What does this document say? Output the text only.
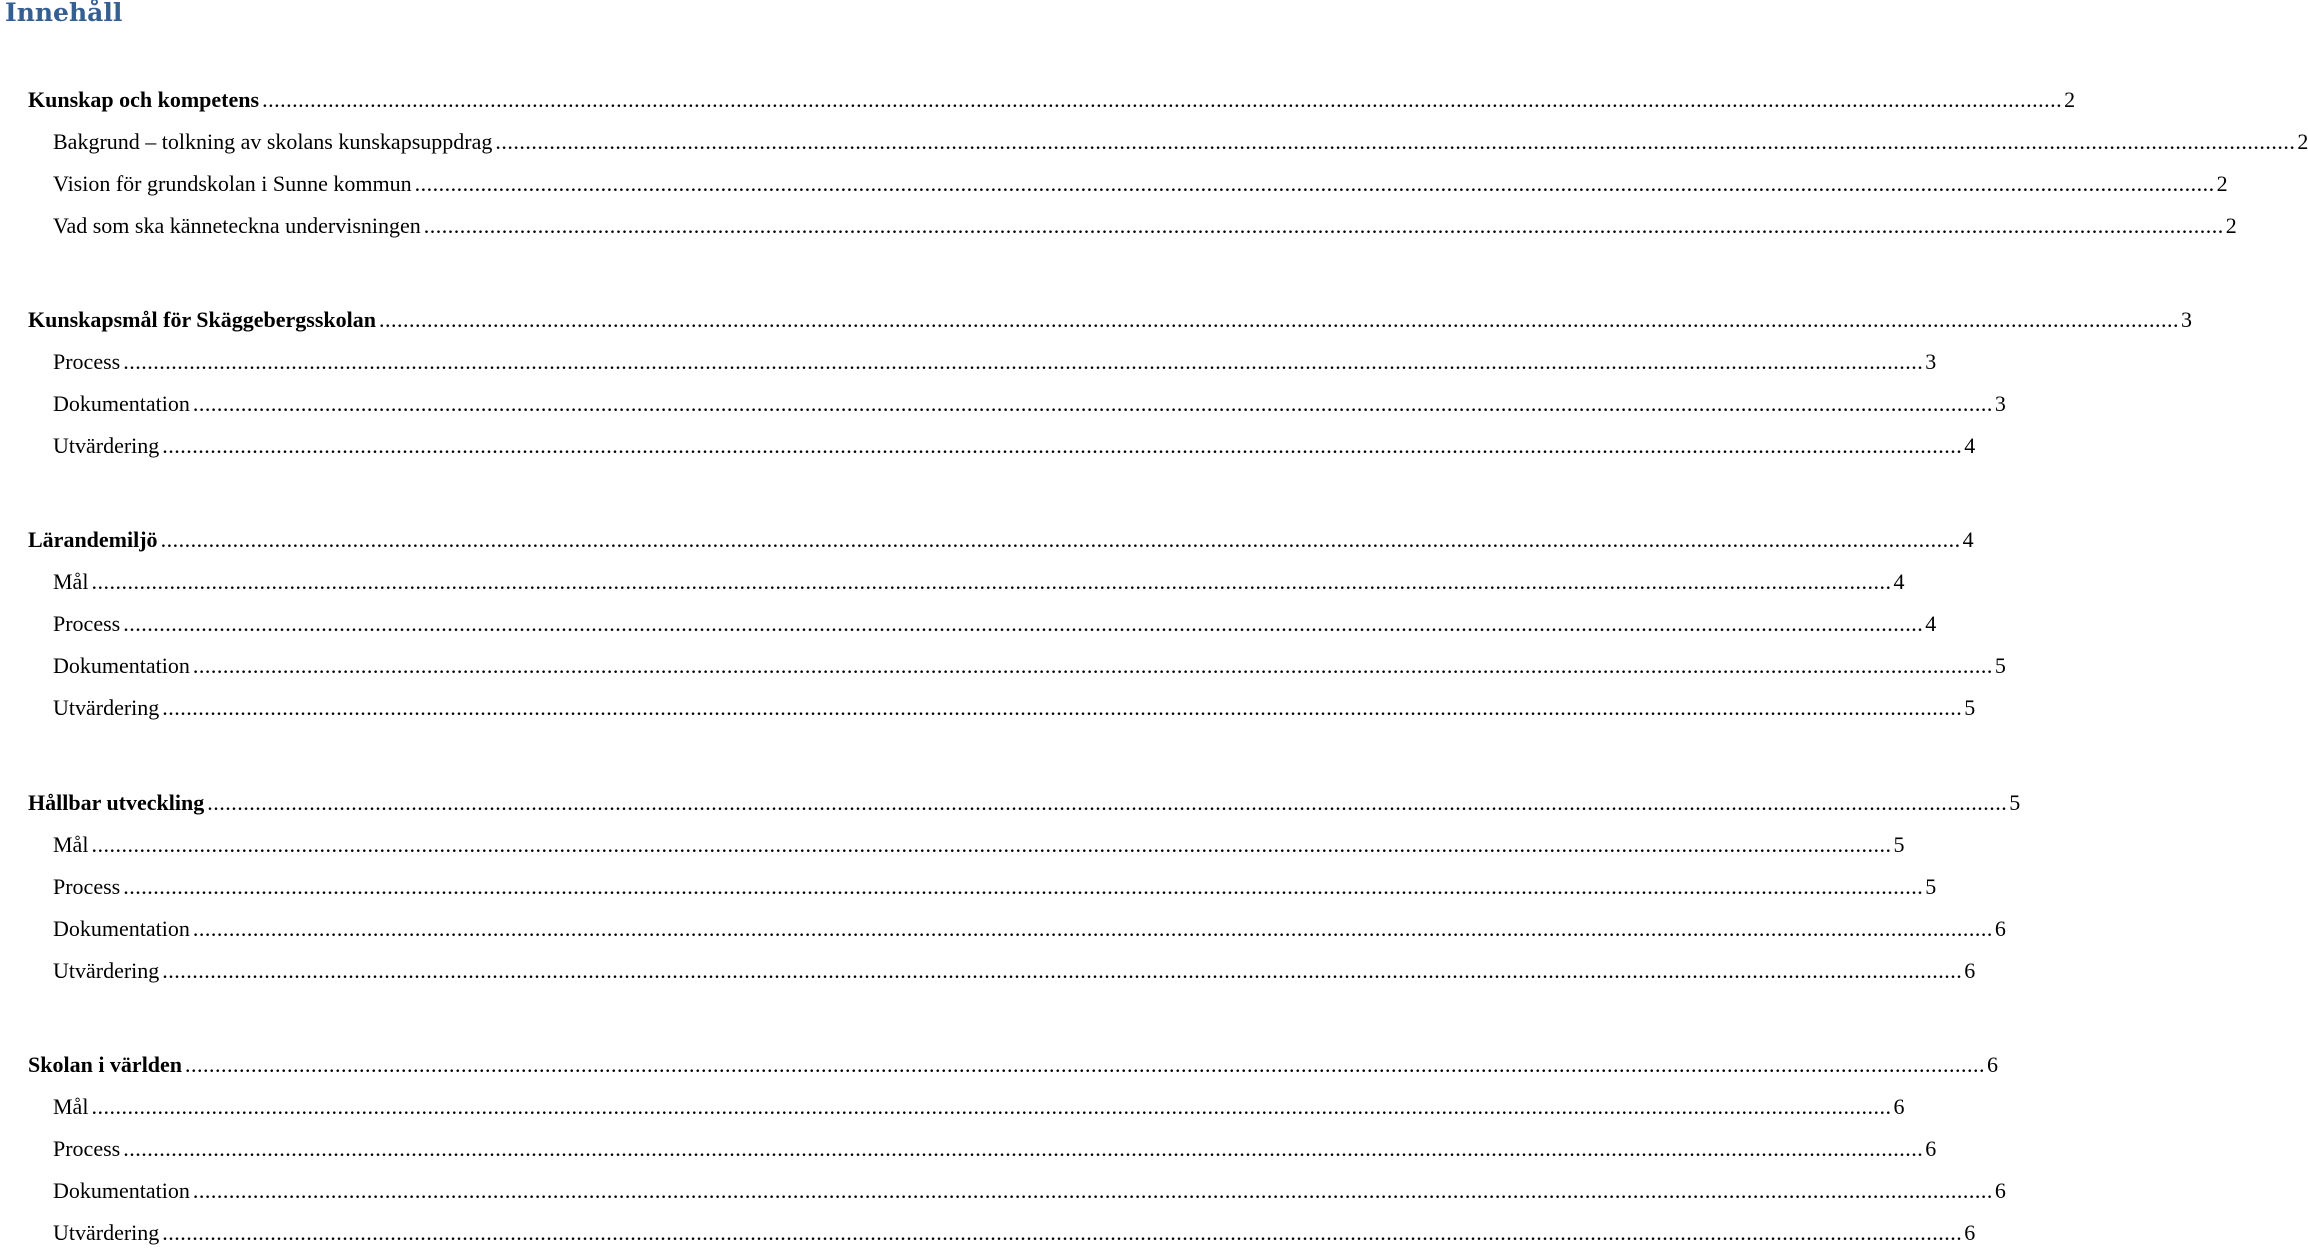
Innehåll
Kunskap och kompetens ............................................................................................................................................................................................................................................................................................................ 2
Bakgrund – tolkning av skolans kunskapsuppdrag ............................................................................................................................................................................................................................................................................................................ 2
Vision för grundskolan i Sunne kommun ............................................................................................................................................................................................................................................................................................................ 2
Vad som ska känneteckna undervisningen ............................................................................................................................................................................................................................................................................................................ 2
Kunskapsmål för Skäggebergsskolan ............................................................................................................................................................................................................................................................................................................ 3
Process ............................................................................................................................................................................................................................................................................................................ 3
Dokumentation ............................................................................................................................................................................................................................................................................................................ 3
Utvärdering ............................................................................................................................................................................................................................................................................................................ 4
Lärandemiljö ............................................................................................................................................................................................................................................................................................................ 4
Mål ............................................................................................................................................................................................................................................................................................................ 4
Process ............................................................................................................................................................................................................................................................................................................ 4
Dokumentation ............................................................................................................................................................................................................................................................................................................ 5
Utvärdering ............................................................................................................................................................................................................................................................................................................ 5
Hållbar utveckling ............................................................................................................................................................................................................................................................................................................ 5
Mål ............................................................................................................................................................................................................................................................................................................ 5
Process ............................................................................................................................................................................................................................................................................................................ 5
Dokumentation ............................................................................................................................................................................................................................................................................................................ 6
Utvärdering ............................................................................................................................................................................................................................................................................................................ 6
Skolan i världen ............................................................................................................................................................................................................................................................................................................ 6
Mål ............................................................................................................................................................................................................................................................................................................ 6
Process ............................................................................................................................................................................................................................................................................................................ 6
Dokumentation ............................................................................................................................................................................................................................................................................................................ 6
Utvärdering ............................................................................................................................................................................................................................................................................................................ 6
